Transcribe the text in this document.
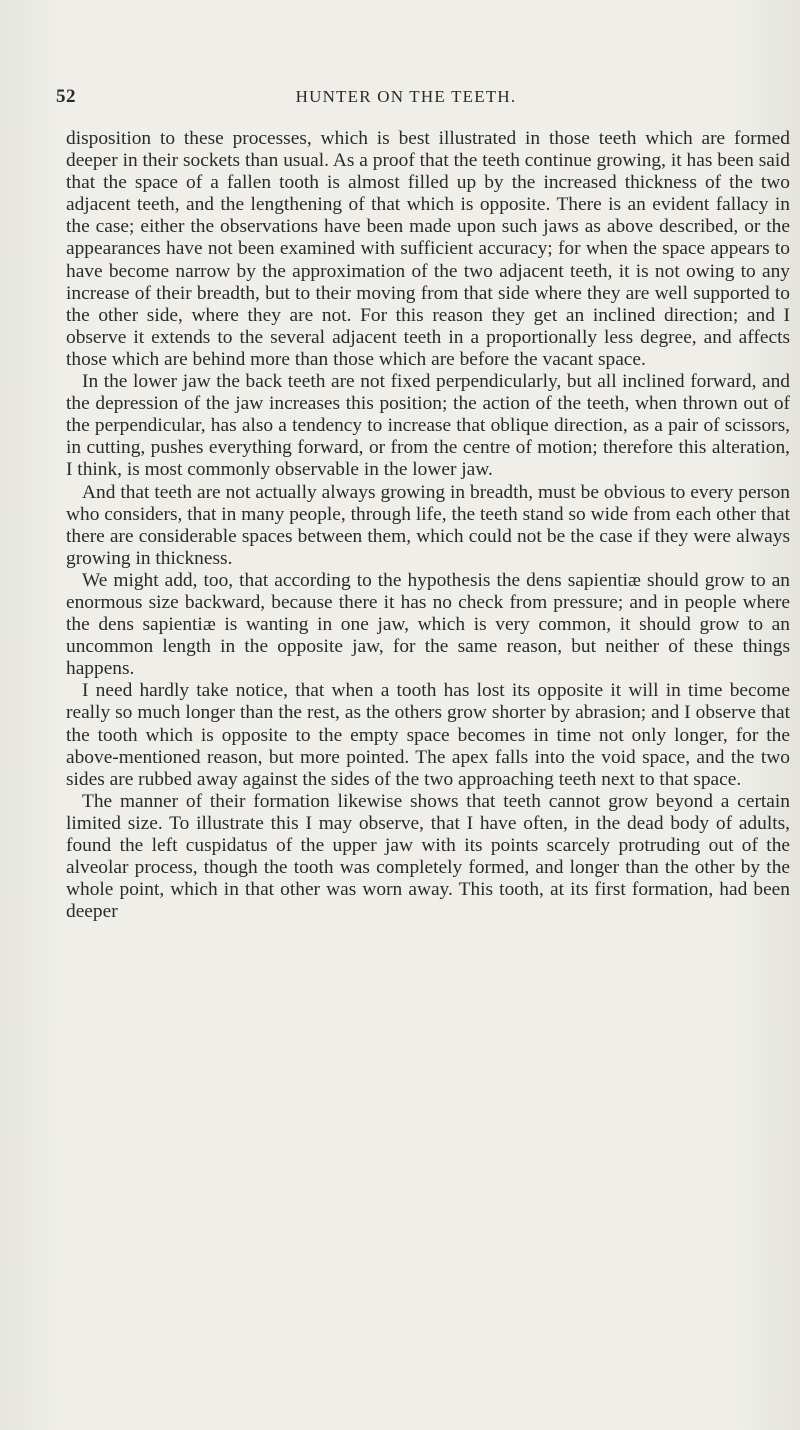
52	HUNTER ON THE TEETH.

disposition to these processes, which is best illustrated in those teeth which are formed deeper in their sockets than usual. As a proof that the teeth continue growing, it has been said that the space of a fallen tooth is almost filled up by the increased thickness of the two adjacent teeth, and the lengthening of that which is opposite. There is an evident fallacy in the case; either the observations have been made upon such jaws as above described, or the appearances have not been examined with sufficient accuracy; for when the space appears to have become narrow by the approximation of the two adjacent teeth, it is not owing to any increase of their breadth, but to their moving from that side where they are well supported to the other side, where they are not. For this reason they get an inclined direction; and I observe it extends to the several adjacent teeth in a proportionally less degree, and affects those which are behind more than those which are before the vacant space.

In the lower jaw the back teeth are not fixed perpendicularly, but all inclined forward, and the depression of the jaw increases this position; the action of the teeth, when thrown out of the perpendicular, has also a tendency to increase that oblique direction, as a pair of scissors, in cutting, pushes everything forward, or from the centre of motion; therefore this alteration, I think, is most commonly observable in the lower jaw.

And that teeth are not actually always growing in breadth, must be obvious to every person who considers, that in many people, through life, the teeth stand so wide from each other that there are considerable spaces between them, which could not be the case if they were always growing in thickness.

We might add, too, that according to the hypothesis the dens sapientiæ should grow to an enormous size backward, because there it has no check from pressure; and in people where the dens sapientiæ is wanting in one jaw, which is very common, it should grow to an uncommon length in the opposite jaw, for the same reason, but neither of these things happens.

I need hardly take notice, that when a tooth has lost its opposite it will in time become really so much longer than the rest, as the others grow shorter by abrasion; and I observe that the tooth which is opposite to the empty space becomes in time not only longer, for the above-mentioned reason, but more pointed. The apex falls into the void space, and the two sides are rubbed away against the sides of the two approaching teeth next to that space.

The manner of their formation likewise shows that teeth cannot grow beyond a certain limited size. To illustrate this I may observe, that I have often, in the dead body of adults, found the left cuspidatus of the upper jaw with its points scarcely protruding out of the alveolar process, though the tooth was completely formed, and longer than the other by the whole point, which in that other was worn away. This tooth, at its first formation, had been deeper
